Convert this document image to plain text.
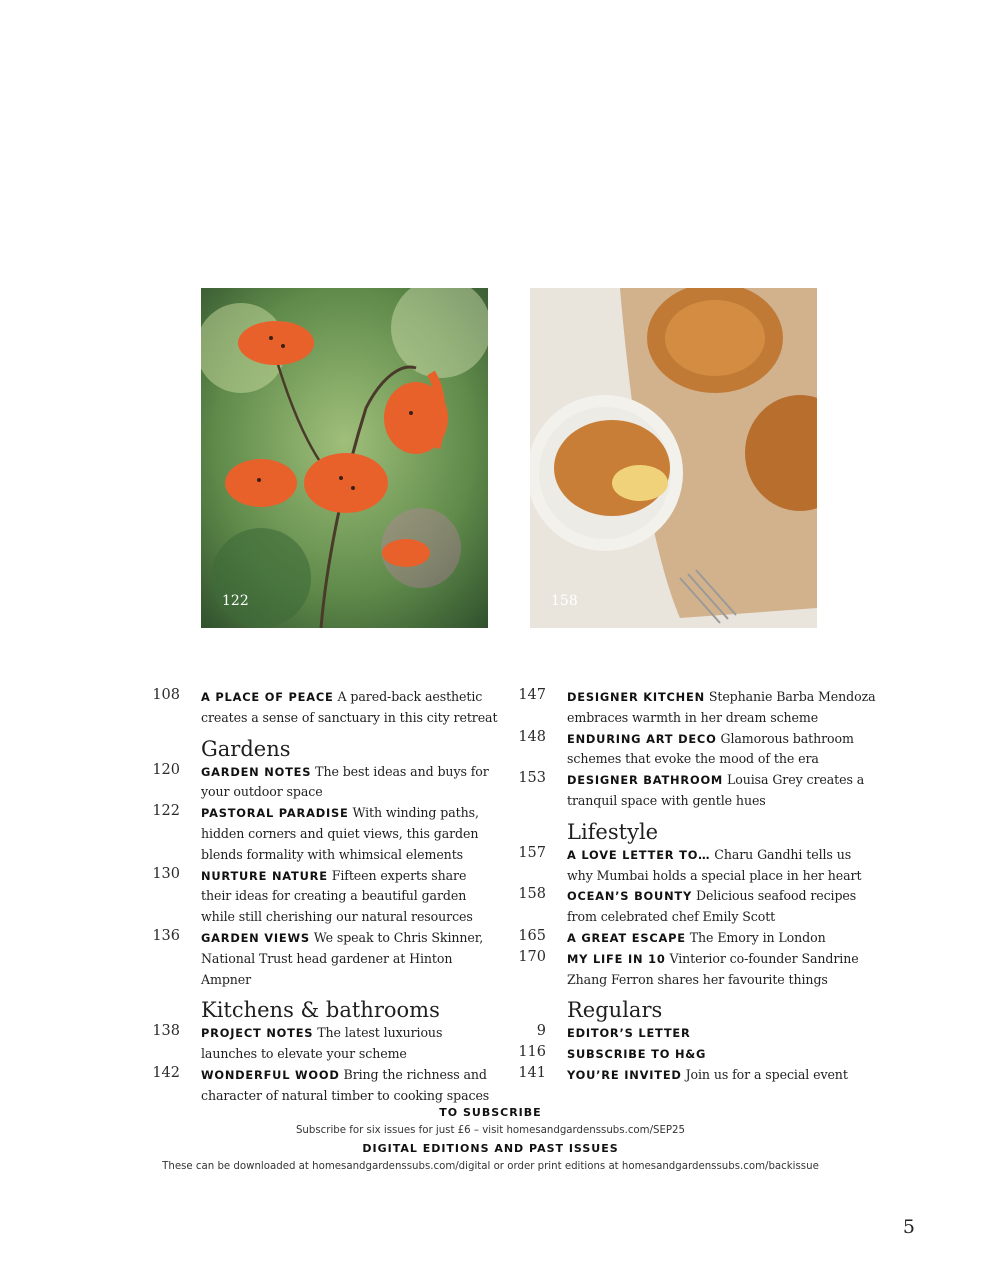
122	158

108 A PLACE OF PEACE A pared-back aesthetic creates a sense of sanctuary in this city retreat

Gardens

120 GARDEN NOTES The best ideas and buys for your outdoor space

122 PASTORAL PARADISE With winding paths, hidden corners and quiet views, this garden blends formality with whimsical elements

130 NURTURE NATURE Fifteen experts share their ideas for creating a beautiful garden while still cherishing our natural resources

136 GARDEN VIEWS We speak to Chris Skinner, National Trust head gardener at Hinton Ampner

Kitchens & bathrooms

138 PROJECT NOTES The latest luxurious launches to elevate your scheme

142 WONDERFUL WOOD Bring the richness and character of natural timber to cooking spaces

147 DESIGNER KITCHEN Stephanie Barba Mendoza embraces warmth in her dream scheme

148 ENDURING ART DECO Glamorous bathroom schemes that evoke the mood of the era

153 DESIGNER BATHROOM Louisa Grey creates a tranquil space with gentle hues

Lifestyle

157 A LOVE LETTER TO… Charu Gandhi tells us why Mumbai holds a special place in her heart

158 OCEAN’S BOUNTY Delicious seafood recipes from celebrated chef Emily Scott

165 A GREAT ESCAPE The Emory in London

170 MY LIFE IN 10 Vinterior co-founder Sandrine Zhang Ferron shares her favourite things

Regulars

9 EDITOR’S LETTER

116 SUBSCRIBE TO H&G

141 YOU’RE INVITED Join us for a special event

TO SUBSCRIBE

Subscribe for six issues for just £6 – visit homesandgardenssubs.com/SEP25

DIGITAL EDITIONS AND PAST ISSUES

These can be downloaded at homesandgardenssubs.com/digital or order print editions at homesandgardenssubs.com/backissue

5
